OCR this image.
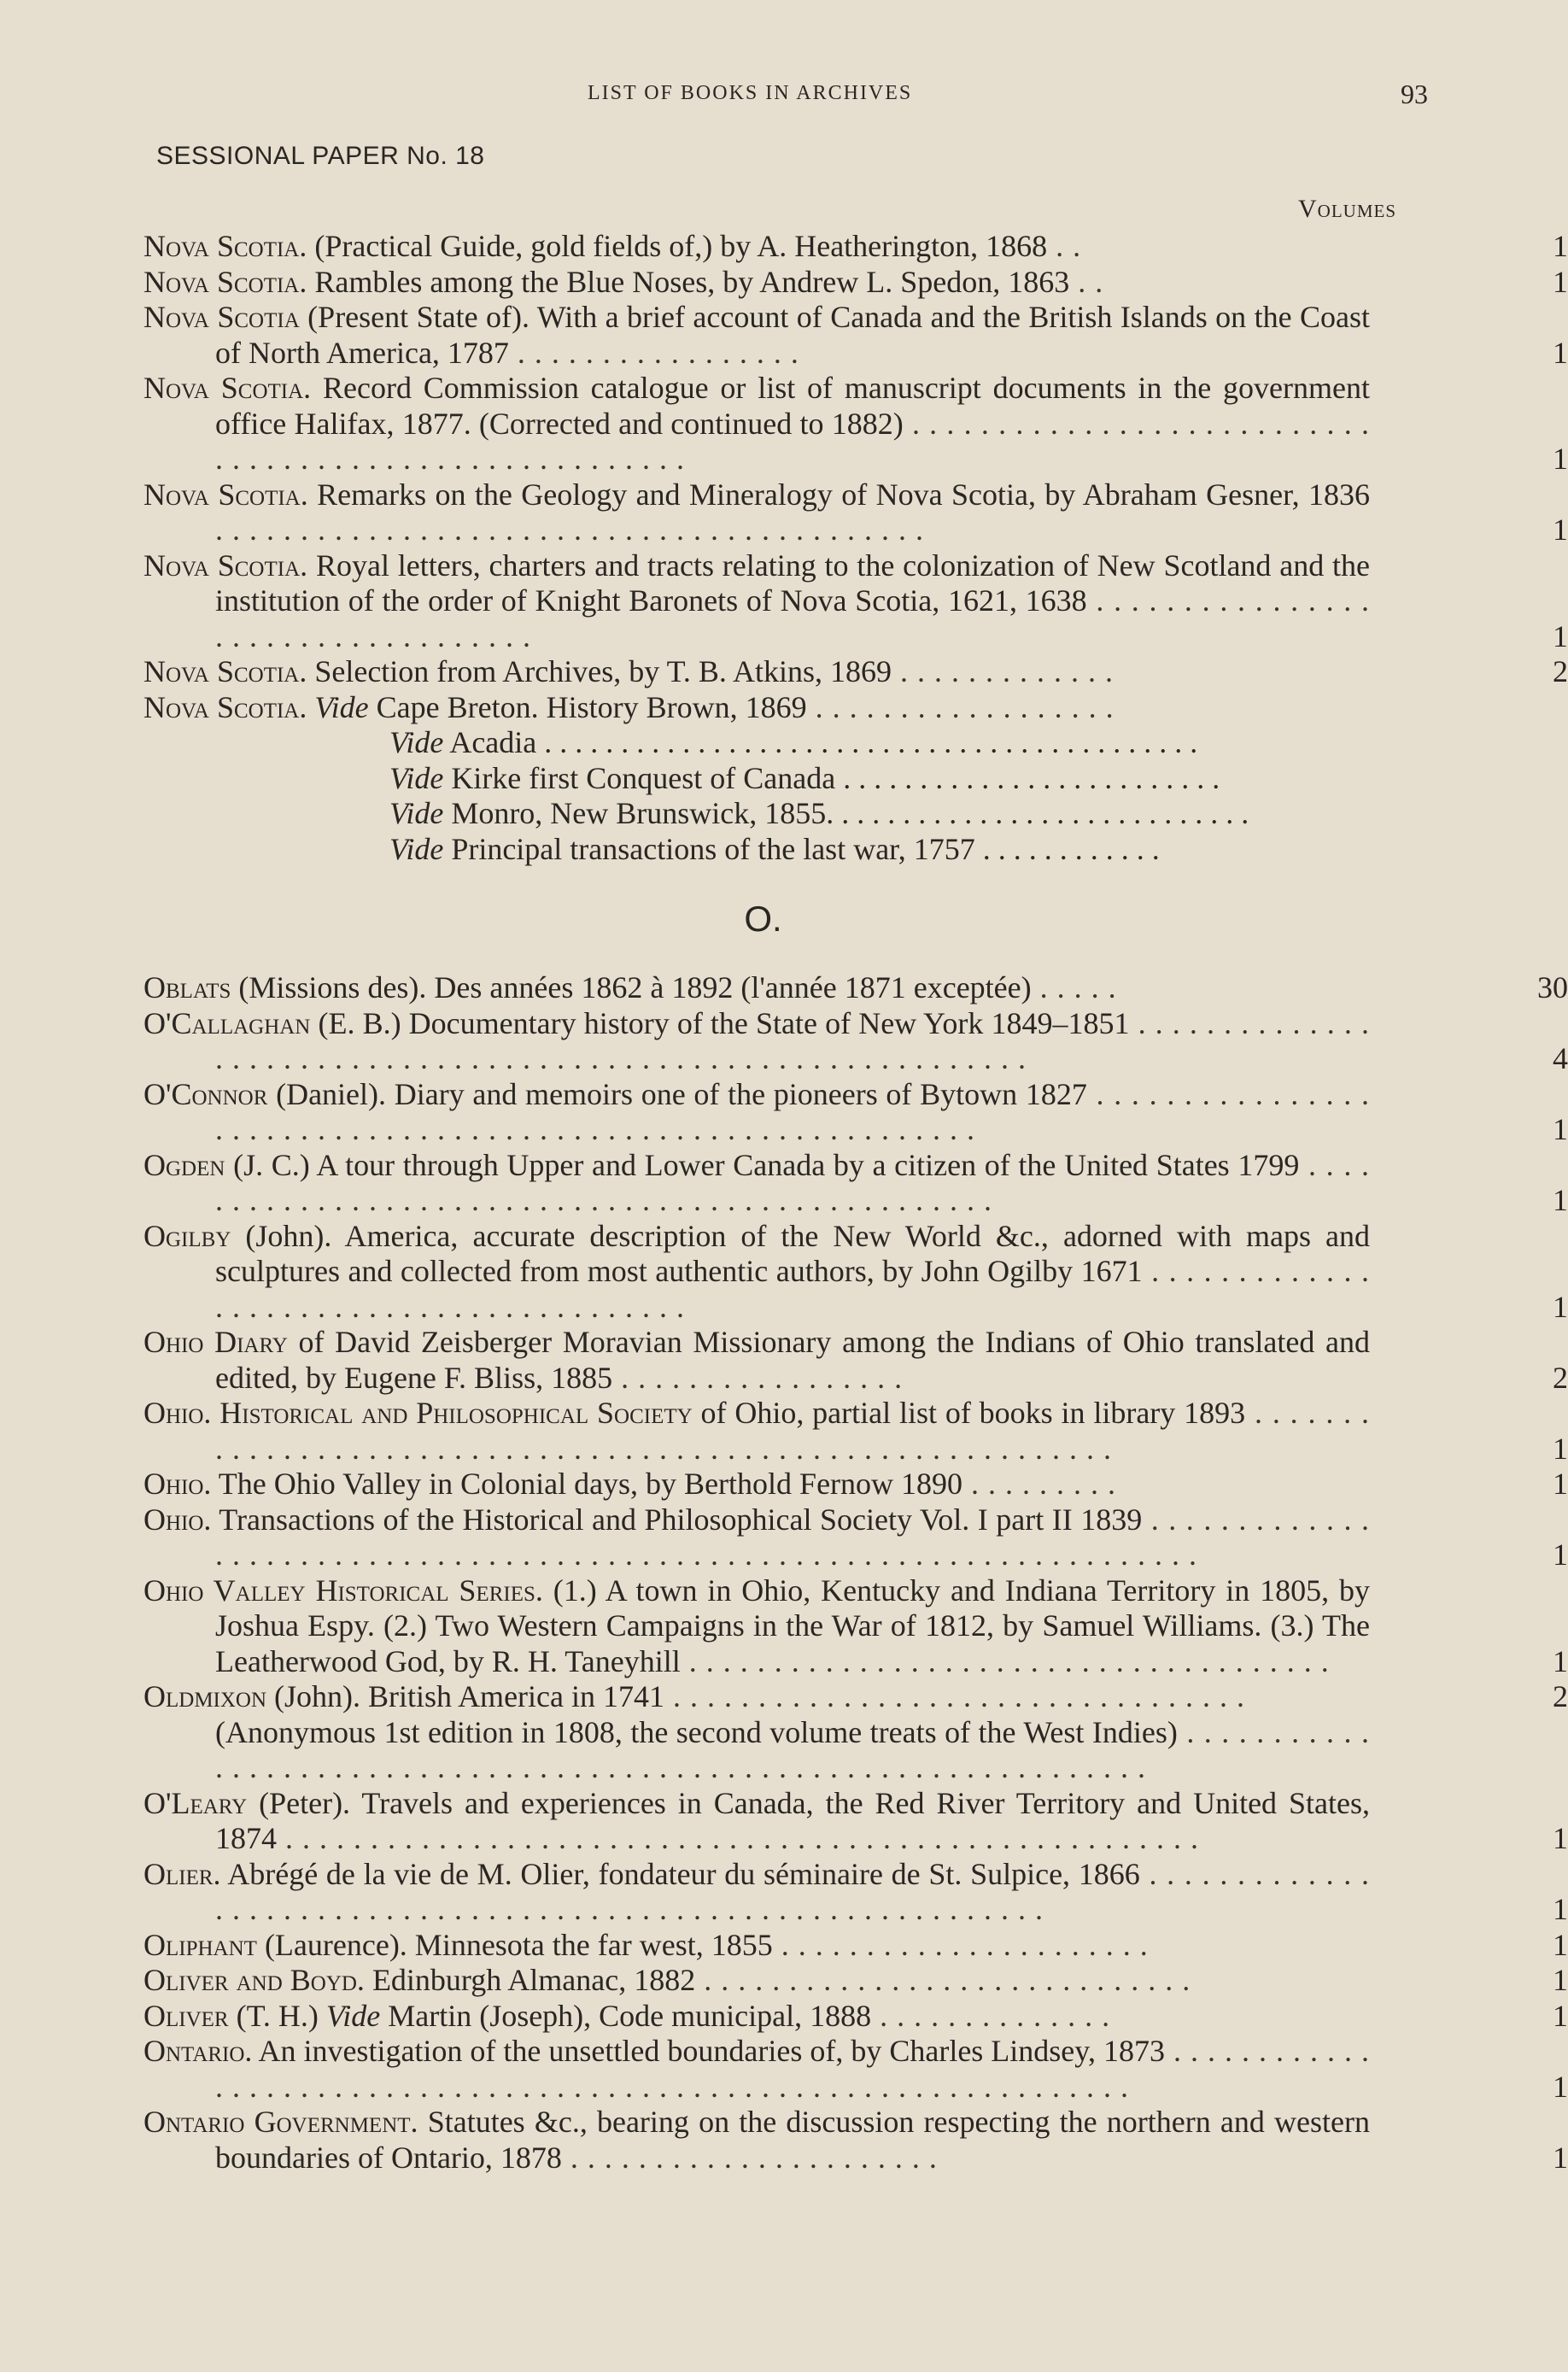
LIST OF BOOKS IN ARCHIVES	93
SESSIONAL PAPER No. 18
Volumes
Nova Scotia. (Practical Guide, gold fields of,) by A. Heatherington, 1868 . .	1
Nova Scotia. Rambles among the Blue Noses, by Andrew L. Spedon, 1863 . .	1
Nova Scotia (Present State of). With a brief account of Canada and the British Islands on the Coast of North America, 1787 . . . . . . . . . . . . . . . . .	1
Nova Scotia. Record Commission catalogue or list of manuscript documents in the government office Halifax, 1877. (Corrected and continued to 1882) . . . . . . . . . . . . . . . . . . . . . . . . . . . . . . . . . . . . . . . . . . . . . . . . . . . . . . .	1
Nova Scotia. Remarks on the Geology and Mineralogy of Nova Scotia, by Abraham Gesner, 1836 . . . . . . . . . . . . . . . . . . . . . . . . . . . . . . . . . . . . . . . . . .	1
Nova Scotia. Royal letters, charters and tracts relating to the colonization of New Scotland and the institution of the order of Knight Baronets of Nova Scotia, 1621, 1638 . . . . . . . . . . . . . . . . . . . . . . . . . . . . . . . . . . .	1
Nova Scotia. Selection from Archives, by T. B. Atkins, 1869 . . . . . . . . . . . . .	2
Nova Scotia. Vide Cape Breton. History Brown, 1869 . . . . . . . . . . . . . . . . . .
Vide Acadia . . . . . . . . . . . . . . . . . . . . . . . . . . . . . . . . . . . . . . . . . . .
Vide Kirke first Conquest of Canada . . . . . . . . . . . . . . . . . . . . . . . . .
Vide Monro, New Brunswick, 1855. . . . . . . . . . . . . . . . . . . . . . . . . . . .
Vide Principal transactions of the last war, 1757 . . . . . . . . . . . .
O.
Oblats (Missions des). Des années 1862 à 1892 (l'année 1871 exceptée) . . . . .	30
O'Callaghan (E. B.) Documentary history of the State of New York 1849–1851 . . . . . . . . . . . . . . . . . . . . . . . . . . . . . . . . . . . . . . . . . . . . . . . . . . . . . . . . . . . . . .	4
O'Connor (Daniel). Diary and memoirs one of the pioneers of Bytown 1827 . . . . . . . . . . . . . . . . . . . . . . . . . . . . . . . . . . . . . . . . . . . . . . . . . . . . . . . . . . . . .	1
Ogden (J. C.) A tour through Upper and Lower Canada by a citizen of the United States 1799 . . . . . . . . . . . . . . . . . . . . . . . . . . . . . . . . . . . . . . . . . . . . . . . . . .	1
Ogilby (John). America, accurate description of the New World &c., adorned with maps and sculptures and collected from most authentic authors, by John Ogilby 1671 . . . . . . . . . . . . . . . . . . . . . . . . . . . . . . . . . . . . . . . . .	1
Ohio Diary of David Zeisberger Moravian Missionary among the Indians of Ohio translated and edited, by Eugene F. Bliss, 1885 . . . . . . . . . . . . . . . . .	2
Ohio. Historical and Philosophical Society of Ohio, partial list of books in library 1893 . . . . . . . . . . . . . . . . . . . . . . . . . . . . . . . . . . . . . . . . . . . . . . . . . . . . . . . . . . . .	1
Ohio. The Ohio Valley in Colonial days, by Berthold Fernow 1890 . . . . . . . . .	1
Ohio. Transactions of the Historical and Philosophical Society Vol. I part II 1839 . . . . . . . . . . . . . . . . . . . . . . . . . . . . . . . . . . . . . . . . . . . . . . . . . . . . . . . . . . . . . . . . . . . . . . .	1
Ohio Valley Historical Series. (1.) A town in Ohio, Kentucky and Indiana Territory in 1805, by Joshua Espy. (2.) Two Western Campaigns in the War of 1812, by Samuel Williams. (3.) The Leatherwood God, by R. H. Taneyhill . . . . . . . . . . . . . . . . . . . . . . . . . . . . . . . . . . . . . .	1
Oldmixon (John). British America in 1741 . . . . . . . . . . . . . . . . . . . . . . . . . . . . . . . . . .	2
(Anonymous 1st edition in 1808, the second volume treats of the West Indies) . . . . . . . . . . . . . . . . . . . . . . . . . . . . . . . . . . . . . . . . . . . . . . . . . . . . . . . . . . . . . . . . . .
O'Leary (Peter). Travels and experiences in Canada, the Red River Territory and United States, 1874 . . . . . . . . . . . . . . . . . . . . . . . . . . . . . . . . . . . . . . . . . . . . . . . . . . . . . .	1
Olier. Abrégé de la vie de M. Olier, fondateur du séminaire de St. Sulpice, 1866 . . . . . . . . . . . . . . . . . . . . . . . . . . . . . . . . . . . . . . . . . . . . . . . . . . . . . . . . . . . . . .	1
Oliphant (Laurence). Minnesota the far west, 1855 . . . . . . . . . . . . . . . . . . . . . .	1
Oliver and Boyd. Edinburgh Almanac, 1882 . . . . . . . . . . . . . . . . . . . . . . . . . . . . .	1
Oliver (T. H.) Vide Martin (Joseph), Code municipal, 1888 . . . . . . . . . . . . . .	1
Ontario. An investigation of the unsettled boundaries of, by Charles Lindsey, 1873 . . . . . . . . . . . . . . . . . . . . . . . . . . . . . . . . . . . . . . . . . . . . . . . . . . . . . . . . . . . . . . . . . .	1
Ontario Government. Statutes &c., bearing on the discussion respecting the northern and western boundaries of Ontario, 1878 . . . . . . . . . . . . . . . . . . . . . .	1
